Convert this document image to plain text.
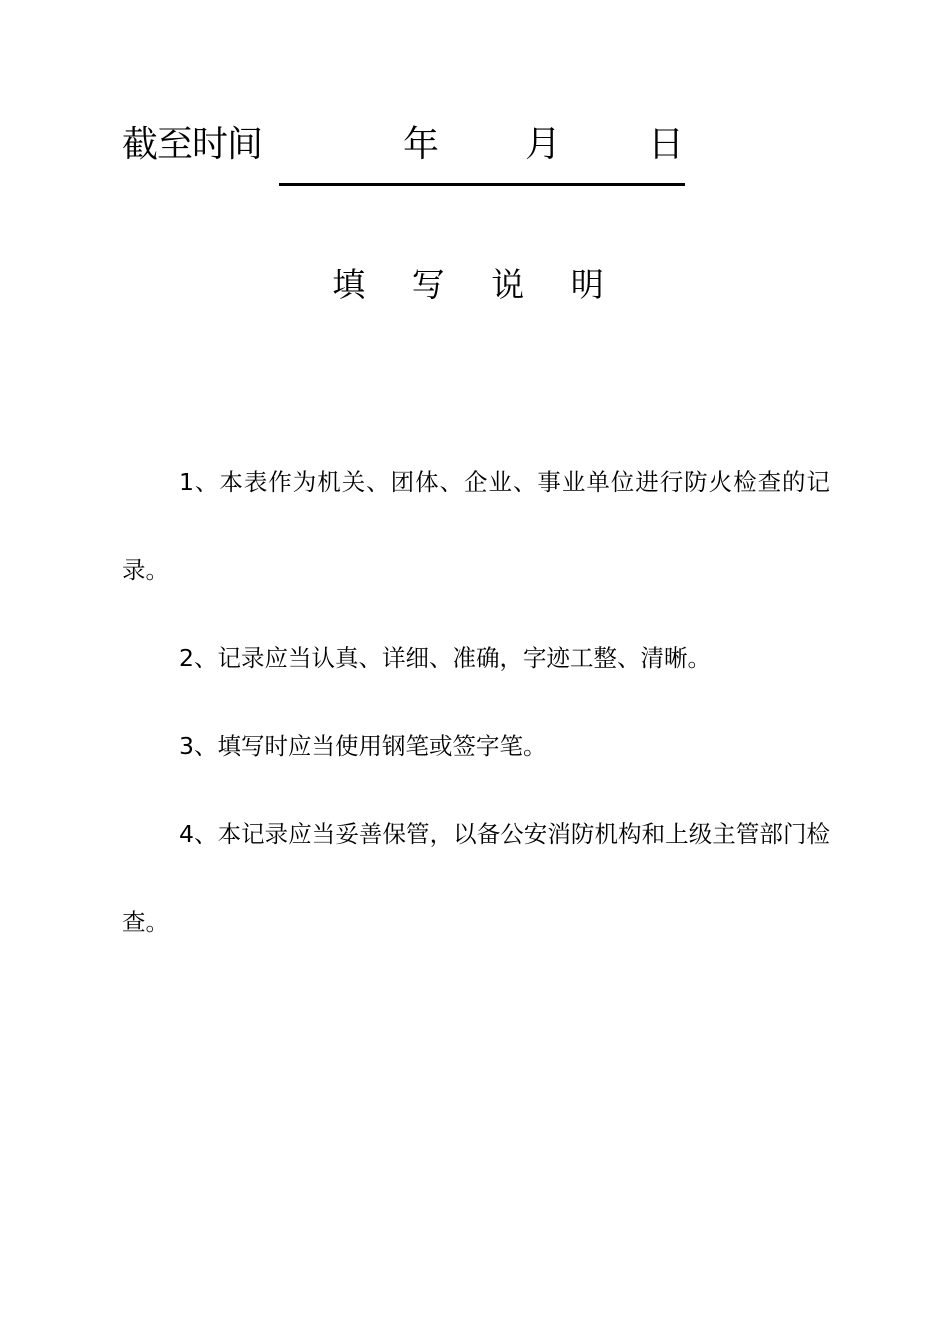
截至时间	年 月 日
填 写 说 明

1、本表作为机关、团体、企业、事业单位进行防火检查的记录。

2、记录应当认真、详细、准确，字迹工整、清晰。

3、填写时应当使用钢笔或签字笔。

4、本记录应当妥善保管，以备公安消防机构和上级主管部门检查。
